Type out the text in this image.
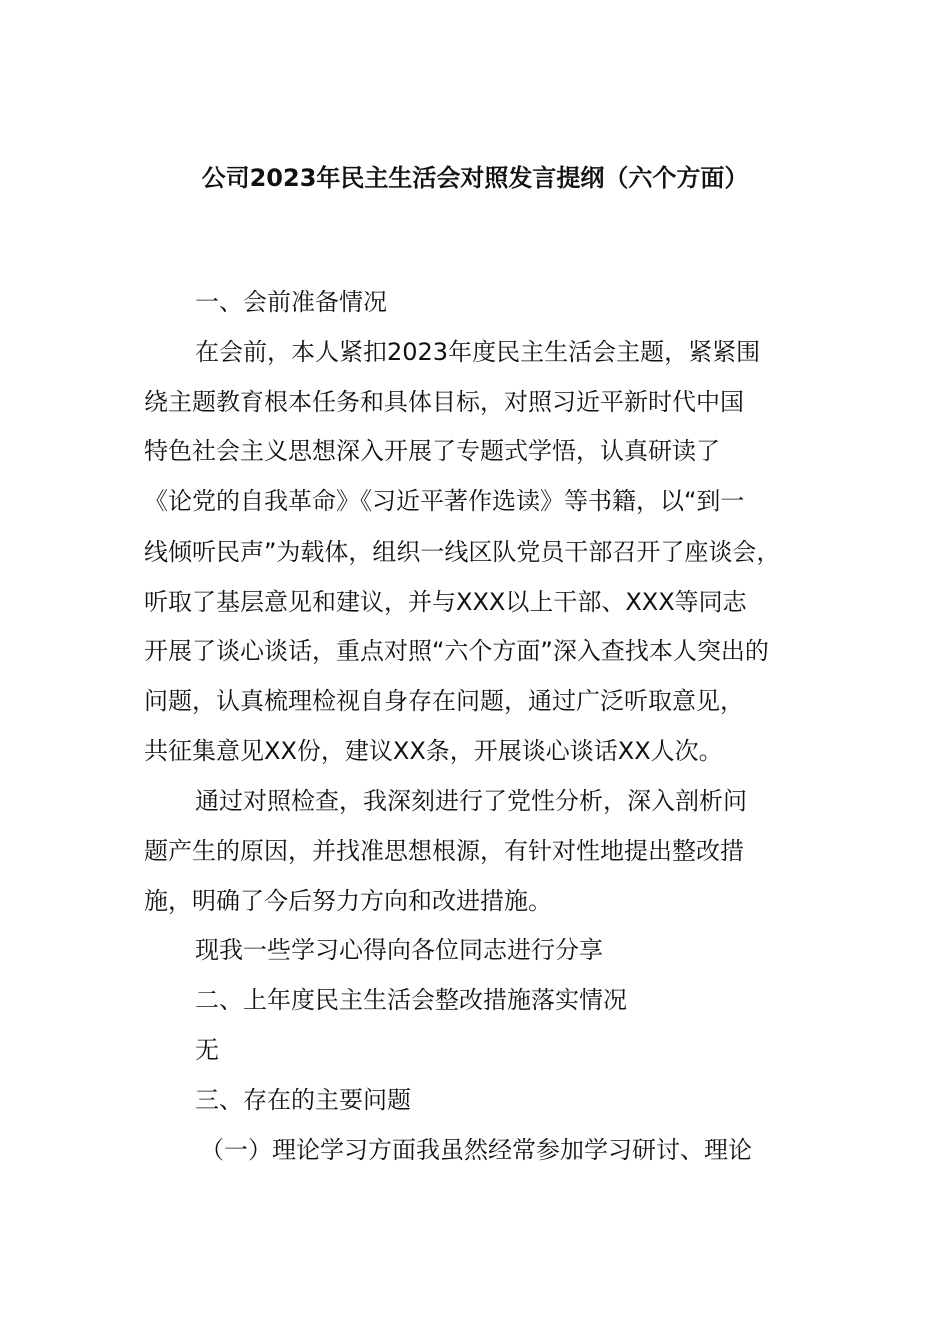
公司2023年民主生活会对照发言提纲（六个方面）
一、会前准备情况
在会前，本人紧扣2023年度民主生活会主题，紧紧围
绕主题教育根本任务和具体目标，对照习近平新时代中国
特色社会主义思想深入开展了专题式学悟，认真研读了
《论党的自我革命》《习近平著作选读》等书籍，以“到一
线倾听民声”为载体，组织一线区队党员干部召开了座谈会，
听取了基层意见和建议，并与XXX以上干部、XXX等同志
开展了谈心谈话，重点对照“六个方面”深入查找本人突出的
问题，认真梳理检视自身存在问题，通过广泛听取意见，
共征集意见XX份，建议XX条，开展谈心谈话XX人次。
通过对照检查，我深刻进行了党性分析，深入剖析问
题产生的原因，并找准思想根源，有针对性地提出整改措
施，明确了今后努力方向和改进措施。
现我一些学习心得向各位同志进行分享
二、上年度民主生活会整改措施落实情况
无
三、存在的主要问题
（一）理论学习方面我虽然经常参加学习研讨、理论
